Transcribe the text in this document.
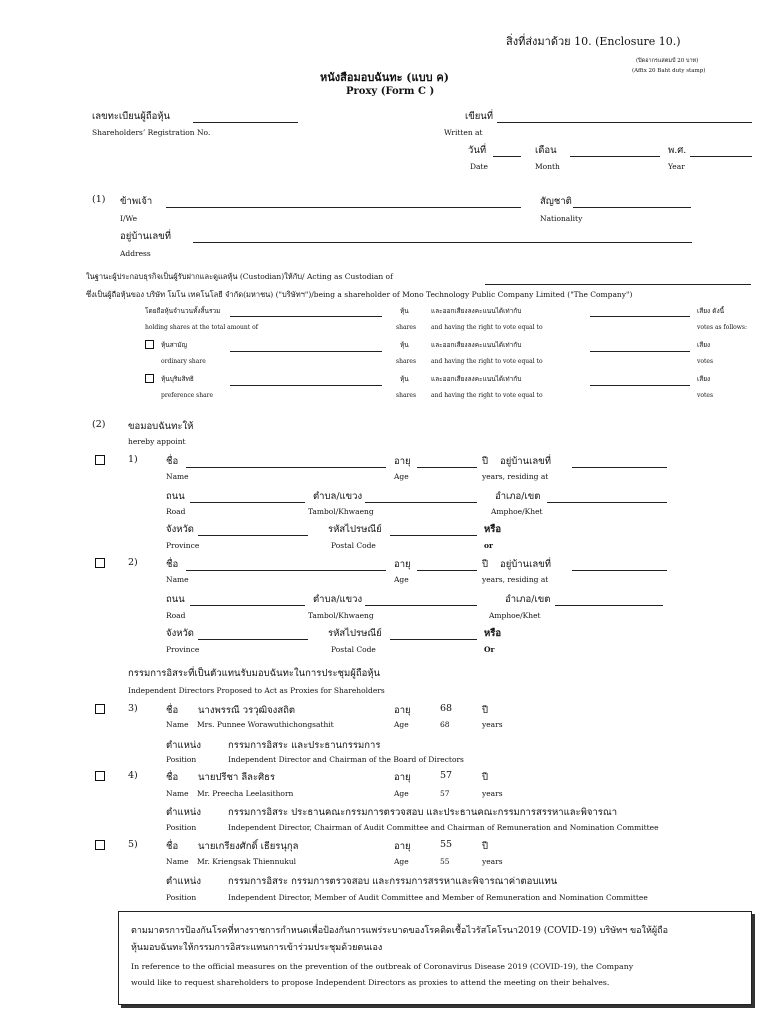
สิ่งที่ส่งมาด้วย 10. (Enclosure 10.)
(ปิดอากรแสตมป์ 20 บาท)
(Affix 20 Baht duty stamp)
หนังสือมอบฉันทะ (แบบ ค)
Proxy (Form C )
เลขทะเบียนผู้ถือหุ้น
Shareholders’ Registration No.
เขียนที่
Written at
วันที่	เดือน	พ.ศ.
Date	Month	Year
(1) ข้าพเจ้า	สัญชาติ
I/We	Nationality
อยู่บ้านเลขที่
Address
ในฐานะผู้ประกอบธุรกิจเป็นผู้รับฝากและดูแลหุ้น (Custodian)ให้กับ/ Acting as Custodian of
ซึ่งเป็นผู้ถือหุ้นของ บริษัท โมโน เทคโนโลยี จำกัด(มหาชน) ("บริษัทฯ")/being a shareholder of Mono Technology Public Company Limited ("The Company")
โดยถือหุ้นจำนวนทั้งสิ้นรวม	หุ้น	และออกเสียงลงคะแนนได้เท่ากับ	เสียง ดังนี้
holding shares at the total amount of	shares and having the right to vote equal to	votes as follows:
หุ้นสามัญ	หุ้น	และออกเสียงลงคะแนนได้เท่ากับ	เสียง
ordinary share	shares and having the right to vote equal to	votes
หุ้นบุริมสิทธิ	หุ้น	และออกเสียงลงคะแนนได้เท่ากับ	เสียง
preference share	shares and having the right to vote equal to	votes
(2) ขอมอบฉันทะให้
hereby appoint
1)	ชื่อ	อายุ	ปี อยู่บ้านเลขที่
Name	Age	years, residing at
ถนน	ตำบล/แขวง	อำเภอ/เขต
Road	Tambol/Khwaeng	Amphoe/Khet
จังหวัด	รหัสไปรษณีย์	หรือ
Province	Postal Code	or
2)	ชื่อ	อายุ	ปี อยู่บ้านเลขที่
Name	Age	years, residing at
ถนน	ตำบล/แขวง	อำเภอ/เขต
Road	Tambol/Khwaeng	Amphoe/Khet
จังหวัด	รหัสไปรษณีย์	หรือ
Province	Postal Code	Or
กรรมการอิสระที่เป็นตัวแทนรับมอบฉันทะในการประชุมผู้ถือหุ้น
Independent Directors Proposed to Act as Proxies for Shareholders
3)	ชื่อ นางพรรณี วรวุฒิจงสถิต	อายุ	68	ปี
Name Mrs. Punnee Worawuthichongsathit	Age	68	years
ตำแหน่ง	กรรมการอิสระ และประธานกรรมการ
Position	Independent Director and Chairman of the Board of Directors
4)	ชื่อ นายปรีชา ลีละศิธร	อายุ	57	ปี
Name Mr. Preecha Leelasithorn	Age	57	years
ตำแหน่ง	กรรมการอิสระ ประธานคณะกรรมการตรวจสอบ และประธานคณะกรรมการสรรหาและพิจารณา
Position	Independent Director, Chairman of Audit Committee and Chairman of Remuneration and Nomination Committee
5)	ชื่อ นายเกรียงศักดิ์ เธียรนุกุล	อายุ	55	ปี
Name Mr. Kriengsak Thiennukul	Age	55	years
ตำแหน่ง	กรรมการอิสระ กรรมการตรวจสอบ และกรรมการสรรหาและพิจารณาค่าตอบแทน
Position	Independent Director, Member of Audit Committee and Member of Remuneration and Nomination Committee
ตามมาตรการป้องกันโรคที่ทางราชการกำหนดเพื่อป้องกันการแพร่ระบาดของโรคติดเชื้อไวรัสโคโรนา2019 (COVID-19) บริษัทฯ ขอให้ผู้ถือ
หุ้นมอบฉันทะให้กรรมการอิสระแทนการเข้าร่วมประชุมด้วยตนเอง
In reference to the official measures on the prevention of the outbreak of Coronavirus Disease 2019 (COVID-19), the Company
would like to request shareholders to propose Independent Directors as proxies to attend the meeting on their behalves.
